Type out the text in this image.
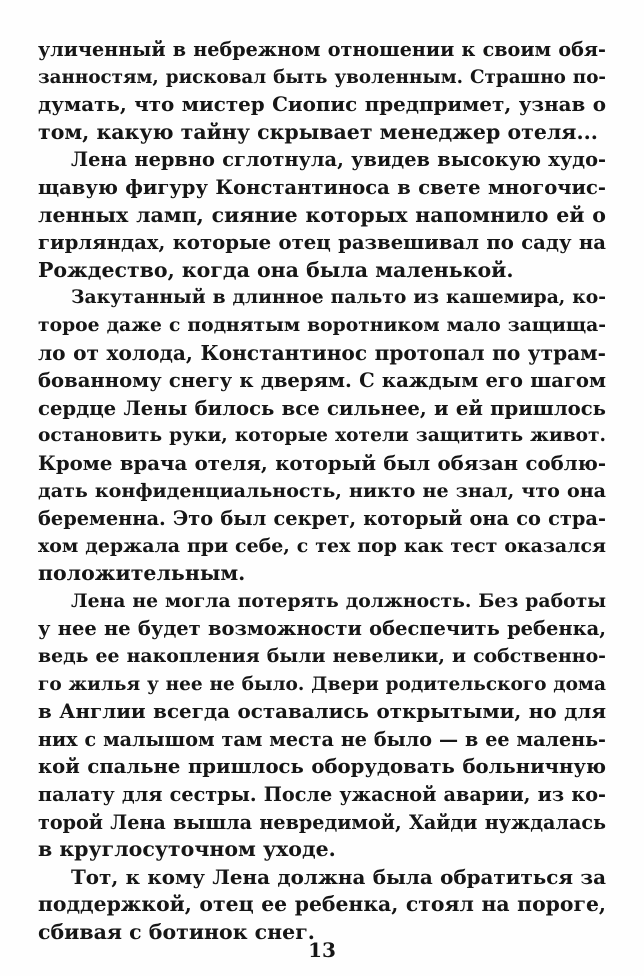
уличенный в небрежном отношении к своим обя-
занностям, рисковал быть уволенным. Страшно по-
думать, что мистер Сиопис предпримет, узнав о
том, какую тайну скрывает менеджер отеля...
Лена нервно сглотнула, увидев высокую худо-
щавую фигуру Константиноса в свете многочис-
ленных ламп, сияние которых напомнило ей о
гирляндах, которые отец развешивал по саду на
Рождество, когда она была маленькой.
Закутанный в длинное пальто из кашемира, ко-
торое даже с поднятым воротником мало защища-
ло от холода, Константинос протопал по утрам-
бованному снегу к дверям. С каждым его шагом
сердце Лены билось все сильнее, и ей пришлось
остановить руки, которые хотели защитить живот.
Кроме врача отеля, который был обязан соблю-
дать конфиденциальность, никто не знал, что она
беременна. Это был секрет, который она со стра-
хом держала при себе, с тех пор как тест оказался
положительным.
Лена не могла потерять должность. Без работы
у нее не будет возможности обеспечить ребенка,
ведь ее накопления были невелики, и собственно-
го жилья у нее не было. Двери родительского дома
в Англии всегда оставались открытыми, но для
них с малышом там места не было — в ее малень-
кой спальне пришлось оборудовать больничную
палату для сестры. После ужасной аварии, из ко-
торой Лена вышла невредимой, Хайди нуждалась
в круглосуточном уходе.
Тот, к кому Лена должна была обратиться за
поддержкой, отец ее ребенка, стоял на пороге,
сбивая с ботинок снег.
13
